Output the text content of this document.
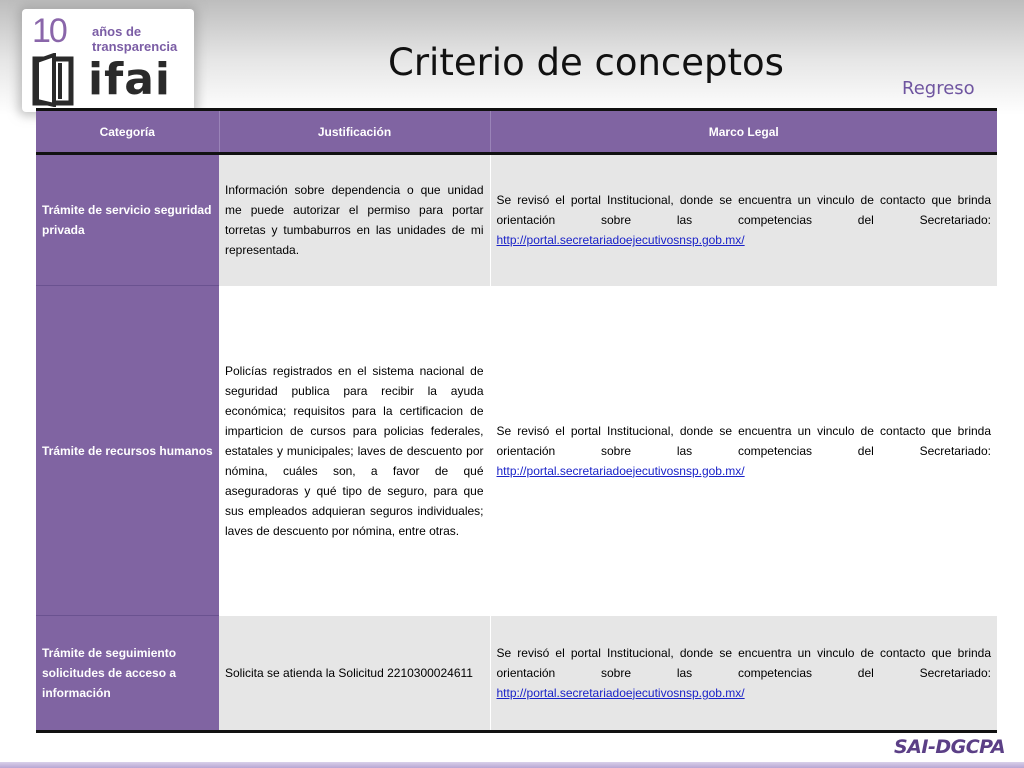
10 años de
transparencia
ifai	Criterio de conceptos
Regreso
Categoría	Justificación	Marco Legal
Trámite de servicio seguridad privada	Información sobre dependencia o que unidad me puede autorizar el permiso para portar torretas y tumbaburros en las unidades de mi representada.	Se revisó el portal Institucional, donde se encuentra un vinculo de contacto que brinda orientación sobre las competencias del Secretariado: http://portal.secretariadoejecutivosnsp.gob.mx/
Trámite de recursos humanos	Policías registrados en el sistema nacional de seguridad publica para recibir la ayuda económica; requisitos para la certificacion de imparticion de cursos para policias federales, estatales y municipales; laves de descuento por nómina, cuáles son, a favor de qué aseguradoras y qué tipo de seguro, para que sus empleados adquieran seguros individuales; laves de descuento por nómina, entre otras.	Se revisó el portal Institucional, donde se encuentra un vinculo de contacto que brinda orientación sobre las competencias del Secretariado: http://portal.secretariadoejecutivosnsp.gob.mx/
Trámite de seguimiento solicitudes de acceso a información	Solicita se atienda la Solicitud 2210300024611	Se revisó el portal Institucional, donde se encuentra un vinculo de contacto que brinda orientación sobre las competencias del Secretariado: http://portal.secretariadoejecutivosnsp.gob.mx/
SAI-DGCPA
